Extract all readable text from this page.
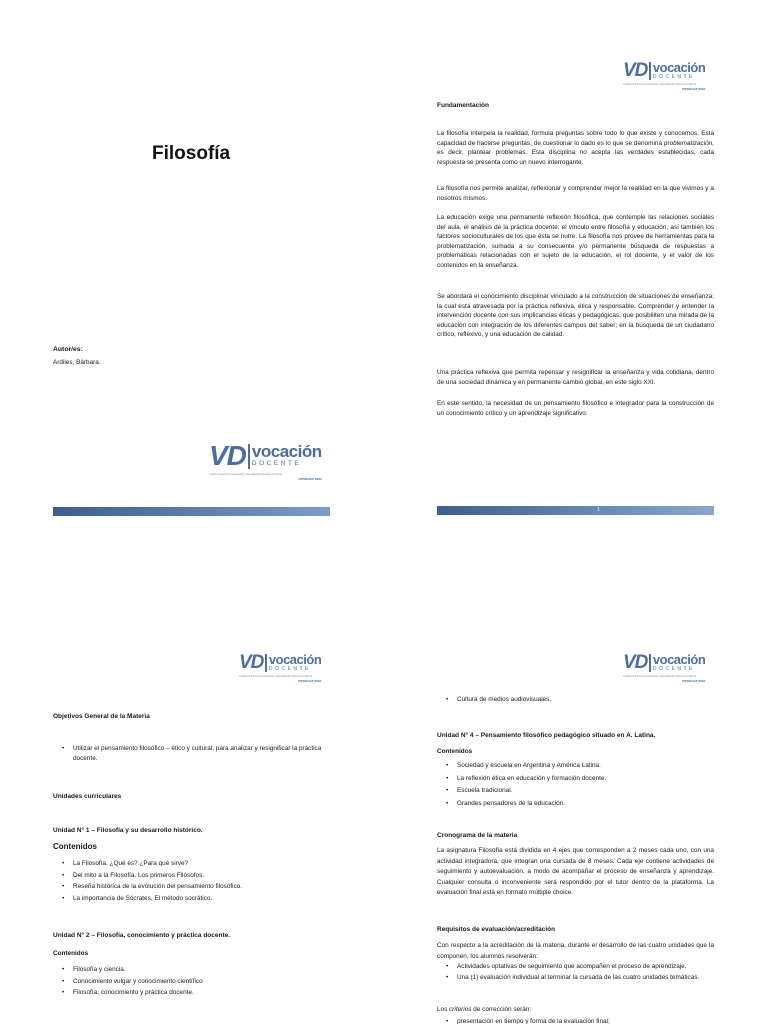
Filosofía
Autor/es:
Ardiles, Bárbara.
VD vocación
DOCENTE
Instituto Superior de Formación y Actualización Docente Continua
DIPREGEP 6690
VD vocación
DOCENTE
Instituto Superior de Formación y Actualización Docente Continua
DIPREGEP 6690
Fundamentación
La filosofía interpela la realidad, formula preguntas sobre todo lo que existe y conocemos. Esta capacidad de hacerse preguntas, de cuestionar lo dado es lo que se denomina problematización, es decir, plantear problemas. Esta disciplina no acepta las verdades establecidas, cada respuesta se presenta como un nuevo interrogante.
La filosofía nos permite analizar, reflexionar y comprender mejor la realidad en la que vivimos y a nosotros mismos.
La educación exige una permanente reflexión filosófica, que contemple las relaciones sociales del aula, el análisis de la práctica docente; el vínculo entre filosofía y educación; así también los factores socioculturales de los que ésta se nutre. La filosofía nos provee de herramientas para la problematización, sumada a su consecuente y/o permanente búsqueda de respuestas a problemáticas relacionadas con el sujeto de la educación, el rol docente, y el valor de los contenidos en la enseñanza.
Se abordará el conocimiento disciplinar vinculado a la construcción de situaciones de enseñanza; la cual está atravesada por la práctica reflexiva, ética y responsable. Comprender y entender la intervención docente con sus implicancias éticas y pedagógicas, que posibiliten una mirada de la educación con integración de los diferentes campos del saber; en la búsqueda de un ciudadano crítico, reflexivo, y una educación de calidad.
Una práctica reflexiva que permita repensar y resignificar la enseñanza y vida cotidiana, dentro de una sociedad dinámica y en permanente cambio global, en este siglo XXI.
En este sentido, la necesidad de un pensamiento filosófico e integrador para la construcción de un conocimiento crítico y un aprendizaje significativo.
1
VD vocación
DOCENTE
Instituto Superior de Formación y Actualización Docente Continua
DIPREGEP 6690
Objetivos General de la Materia
• Utilizar el pensamiento filosófico – ético y cultural, para analizar y resignificar la práctica docente.
Unidades curriculares
Unidad N° 1 – Filosofía y su desarrollo histórico.
Contenidos
• La Filosofía. ¿Qué es? ¿Para qué sirve?
• Del mito a la Filosofía. Los primeros Filósofos.
• Reseña histórica de la evolución del pensamiento filosófico.
• La importancia de Sócrates. El método socrático.
Unidad N° 2 – Filosofía, conocimiento y práctica docente.
Contenidos
• Filosofía y ciencia.
• Conocimiento vulgar y conocimiento científico
• Filosofía, conocimiento y práctica docente.
VD vocación
DOCENTE
Instituto Superior de Formación y Actualización Docente Continua
DIPREGEP 6690
• Cultura de medios audiovisuales.
Unidad N° 4 – Pensamiento filosófico pedagógico situado en A. Latina.
Contenidos
• Sociedad y escuela en Argentina y América Latina.
• La reflexión ética en educación y formación docente.
• Escuela tradicional.
• Grandes pensadores de la educación.
Cronograma de la materia
La asignatura Filosofía está dividida en 4 ejes que corresponden a 2 meses cada uno, con una actividad integradora, que integran una cursada de 8 meses. Cada eje contiene actividades de seguimiento y autoevaluación, a modo de acompañar el proceso de enseñanza y aprendizaje. Cualquier consulta o inconveniente será respondido por el tutor dentro de la plataforma. La evaluación final está en formato múltiple choice.
Requisitos de evaluación/acreditación
Con respecto a la acreditación de la materia, durante el desarrollo de las cuatro unidades que la componen, los alumnos resolverán:
• Actividades optativas de seguimiento que acompañen el proceso de aprendizaje.
• Una (1) evaluación individual al terminar la cursada de las cuatro unidades temáticas.
Los criterios de corrección serán:
• presentación en tiempo y forma de la evaluación final;
